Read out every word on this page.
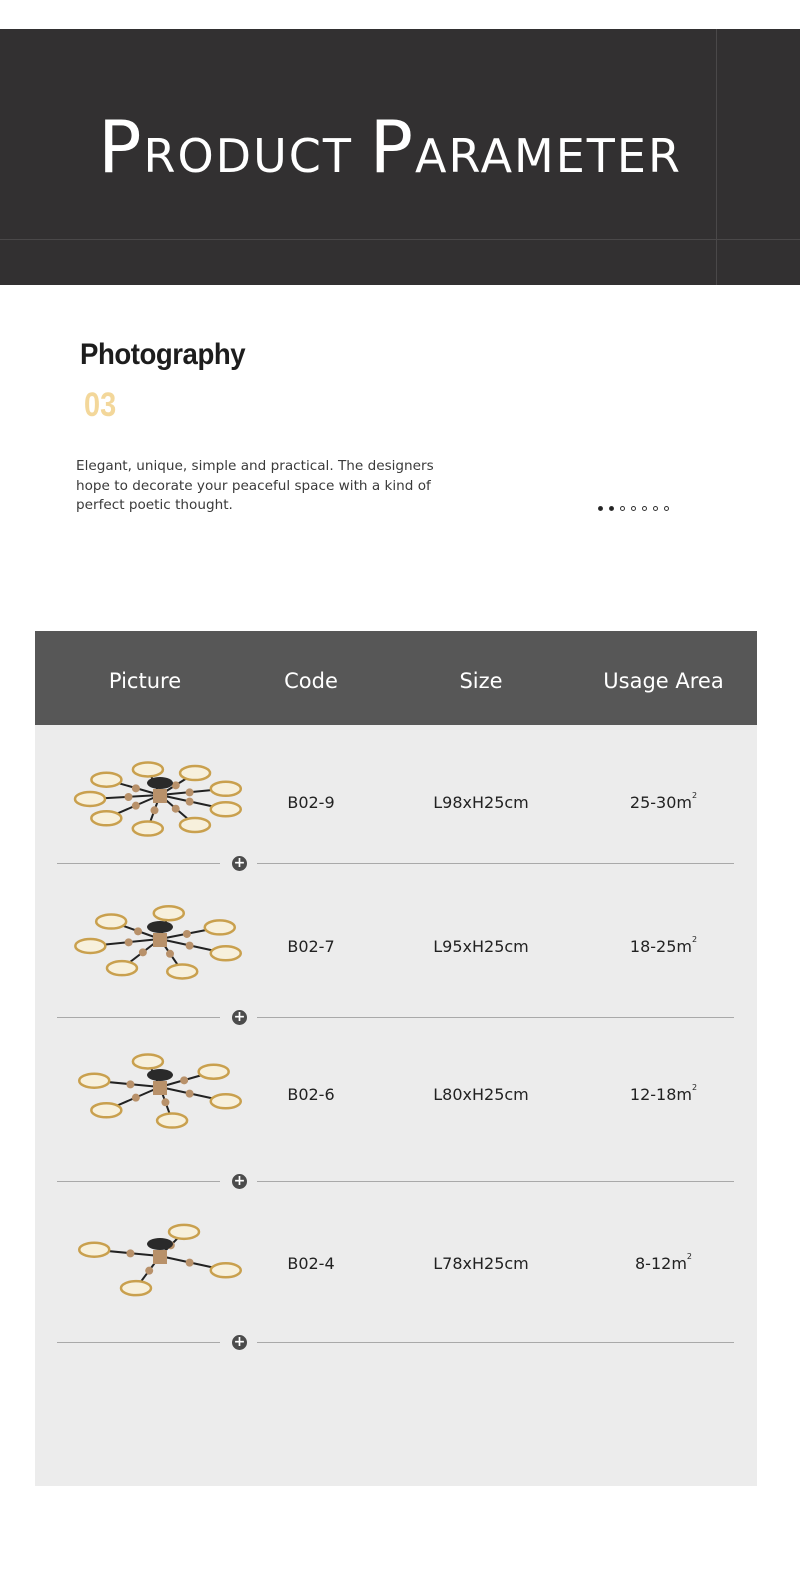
PRODUCT PARAMETER
Photography
03

Elegant, unique, simple and practical. The designers hope to decorate your peaceful space with a kind of perfect poetic thought.

Picture	Code	Size	Usage Area
B02-9	L98xH25cm	$25-30m^2$
+
B02-7	L95xH25cm	$18-25m^2$
+
B02-6	L80xH25cm	$12-18m^2$
+
B02-4	L78xH25cm	$8-12m^2$
+
